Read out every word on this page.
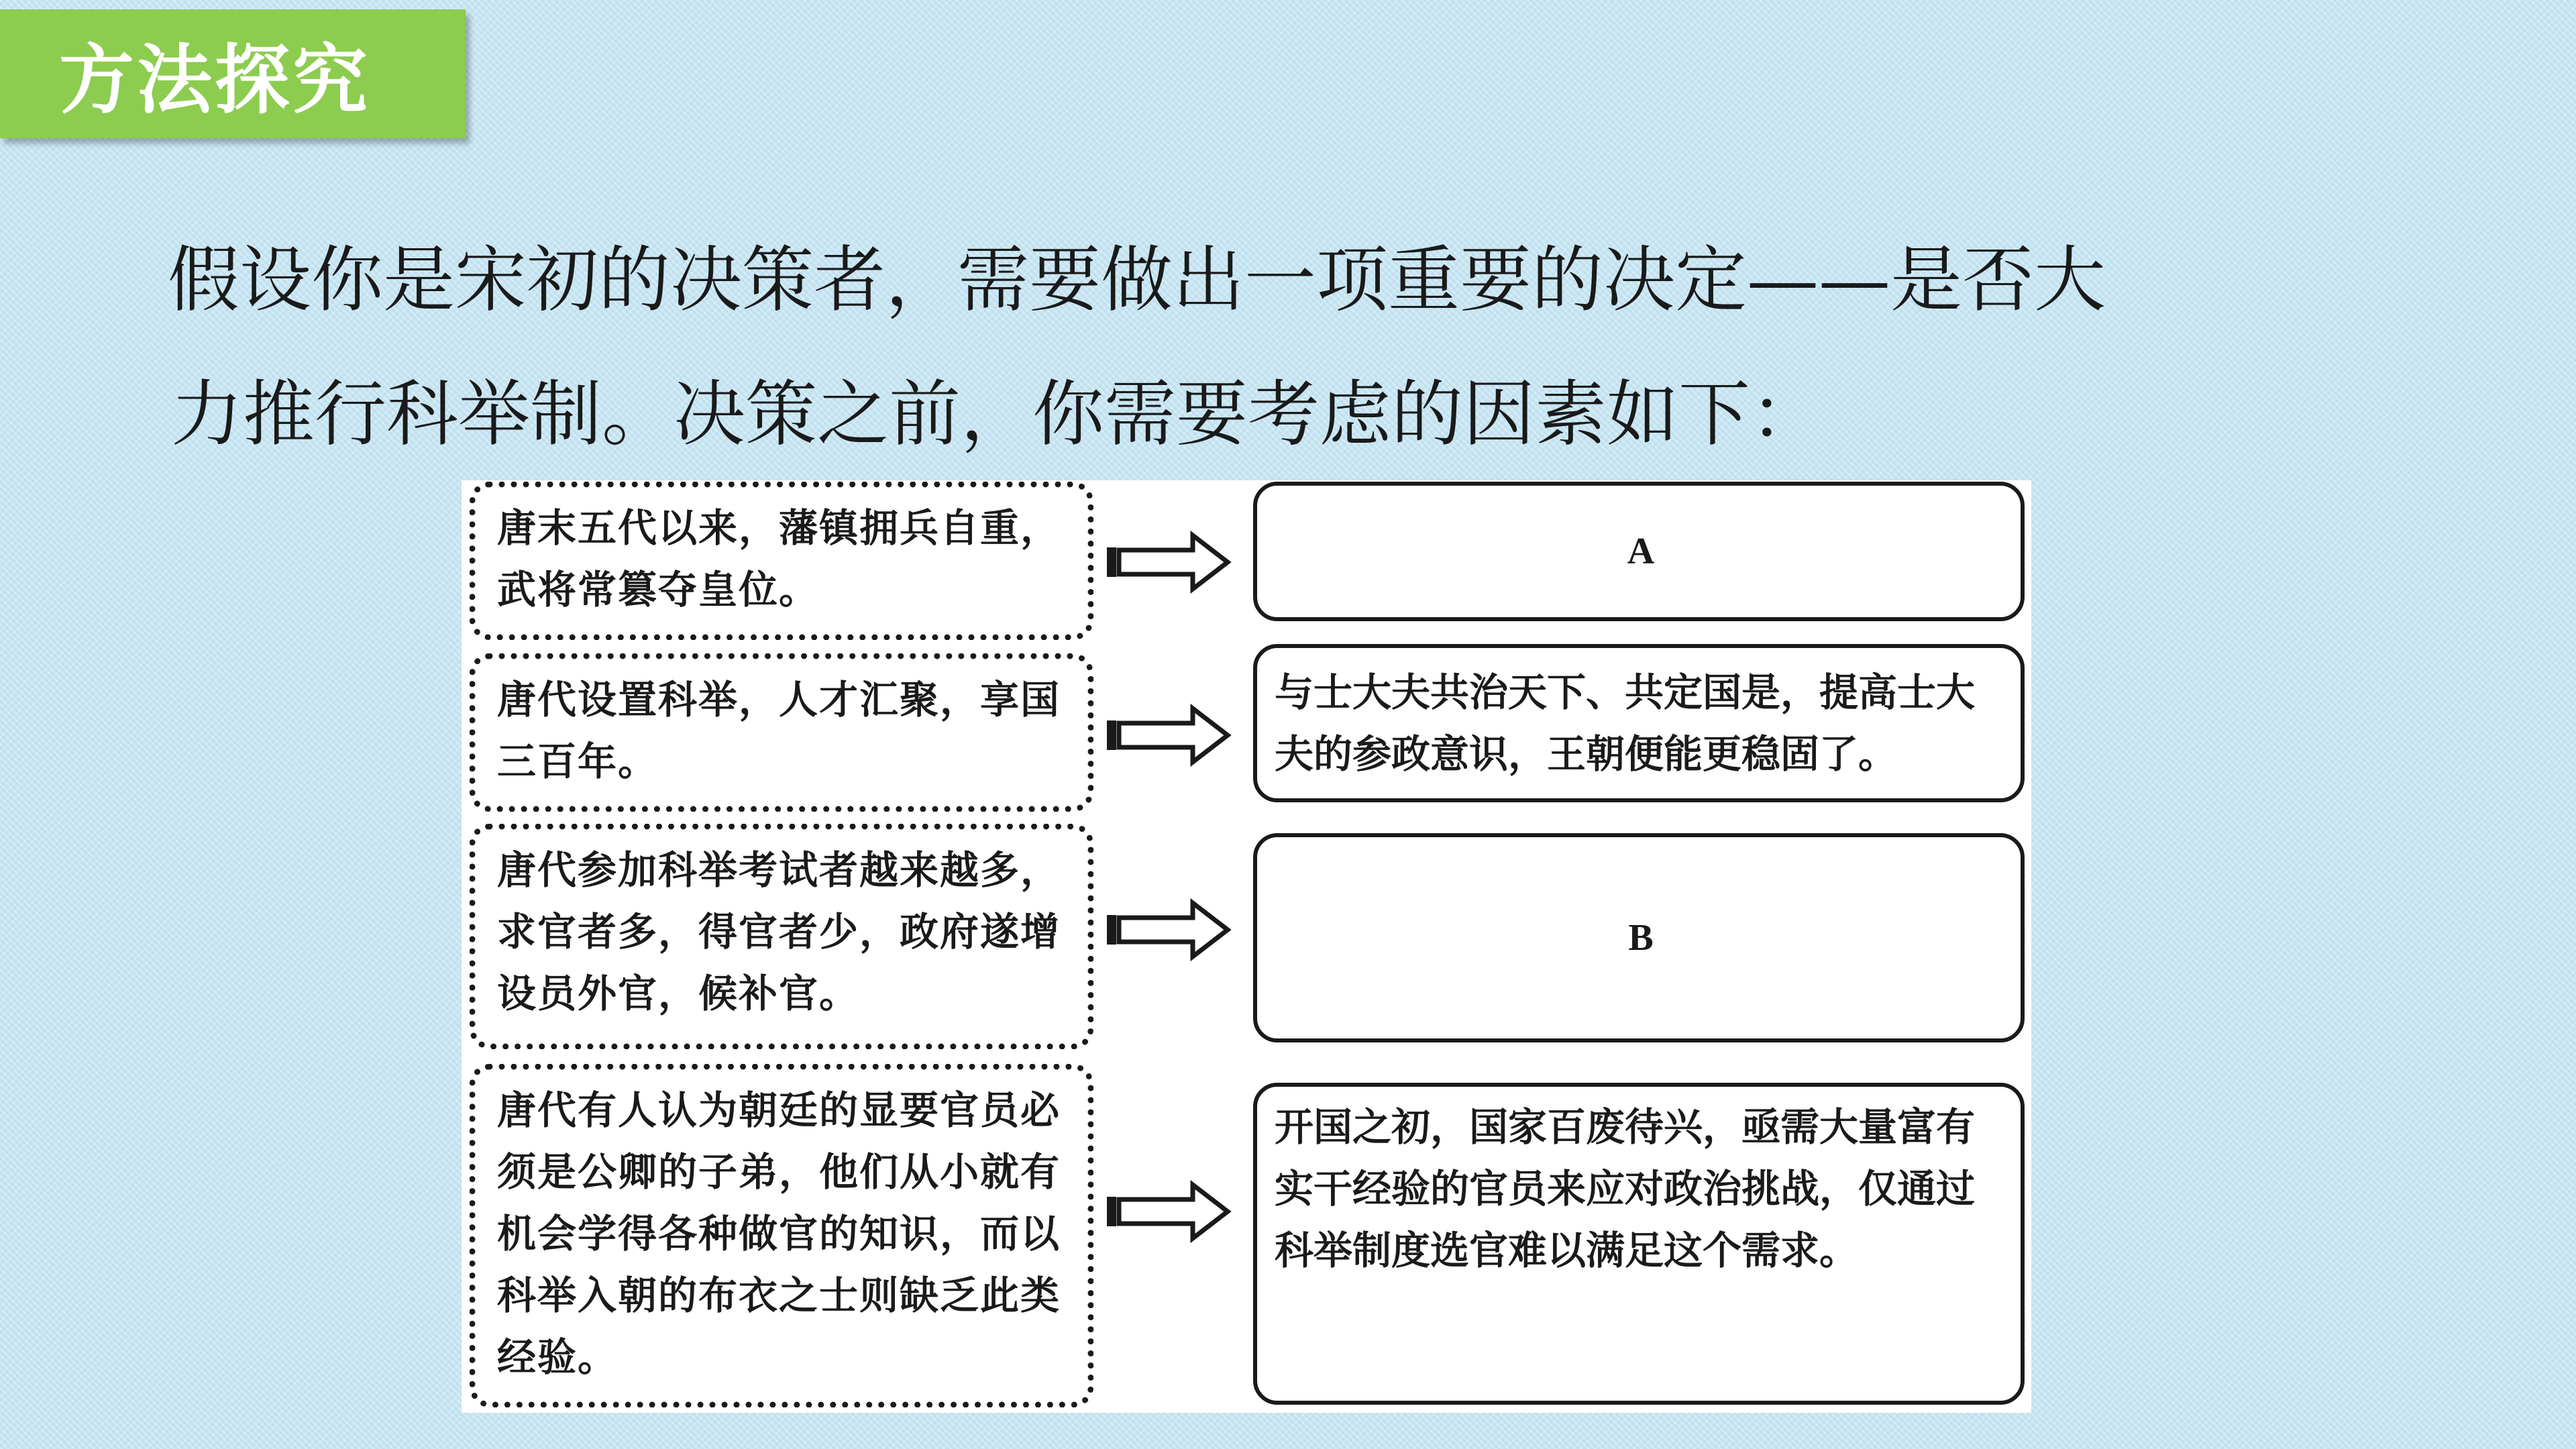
方法探究
假设你是宋初的决策者，需要做出一项重要的决定——是否大
力推行科举制。决策之前，你需要考虑的因素如下：
唐末五代以来，藩镇拥兵自重，武将常篡夺皇位。
A
唐代设置科举，人才汇聚，享国三百年。
与士大夫共治天下、共定国是，提高士大夫的参政意识，王朝便能更稳固了。
唐代参加科举考试者越来越多，求官者多，得官者少，政府遂增设员外官，候补官。
B
唐代有人认为朝廷的显要官员必须是公卿的子弟，他们从小就有机会学得各种做官的知识，而以科举入朝的布衣之士则缺乏此类经验。
开国之初，国家百废待兴，亟需大量富有实干经验的官员来应对政治挑战，仅通过科举制度选官难以满足这个需求。
